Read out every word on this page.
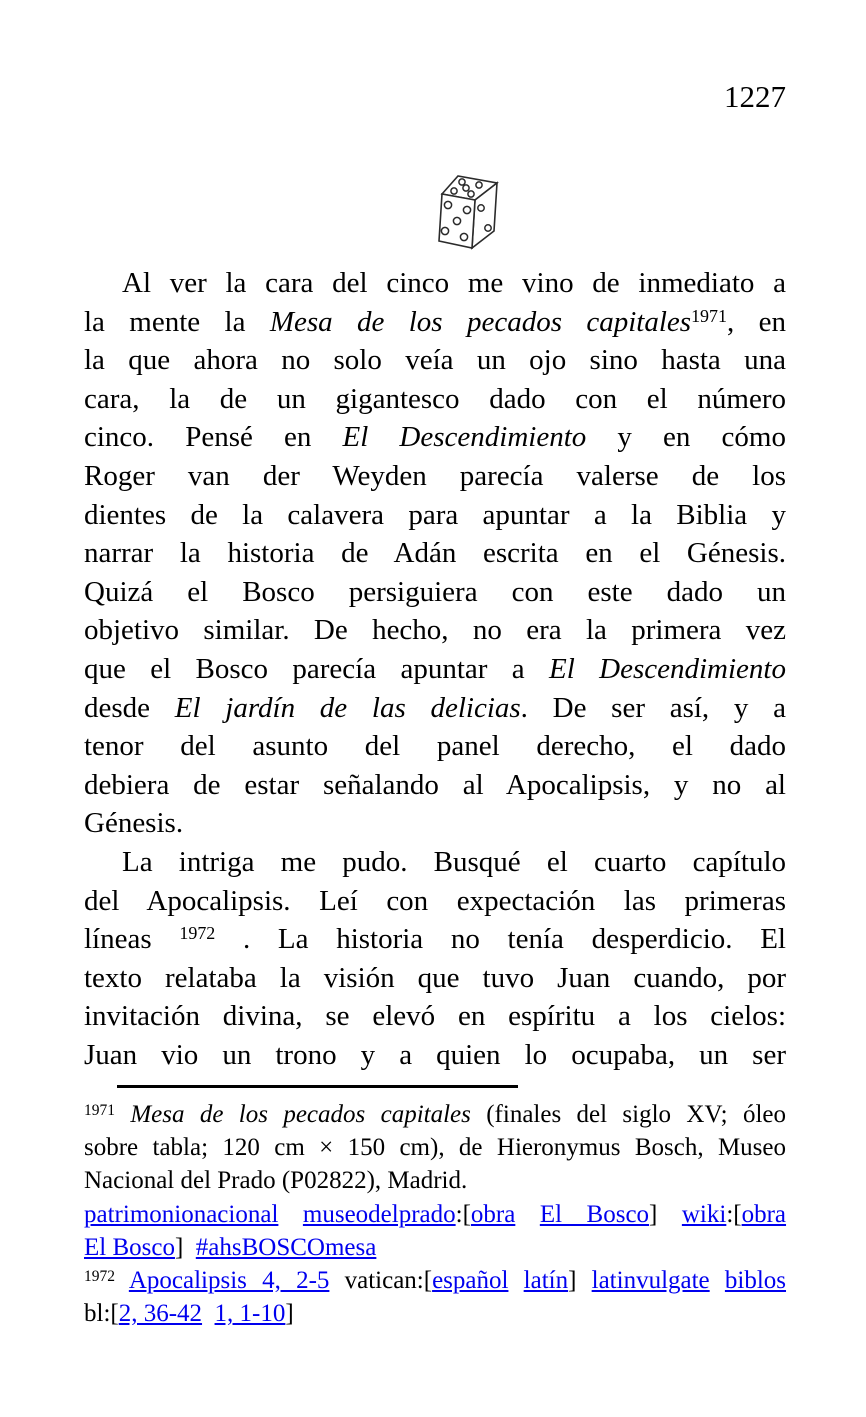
1227
Al ver la cara del cinco me vino de inmediato a
la mente la Mesa de los pecados capitales$^{1971}$, en
la que ahora no solo veía un ojo sino hasta una
cara, la de un gigantesco dado con el número
cinco. Pensé en El Descendimiento y en cómo
Roger van der Weyden parecía valerse de los
dientes de la calavera para apuntar a la Biblia y
narrar la historia de Adán escrita en el Génesis.
Quizá el Bosco persiguiera con este dado un
objetivo similar. De hecho, no era la primera vez
que el Bosco parecía apuntar a El Descendimiento
desde El jardín de las delicias. De ser así, y a
tenor del asunto del panel derecho, el dado
debiera de estar señalando al Apocalipsis, y no al
Génesis.
La intriga me pudo. Busqué el cuarto capítulo
del Apocalipsis. Leí con expectación las primeras
líneas $^{1972}$ . La historia no tenía desperdicio. El
texto relataba la visión que tuvo Juan cuando, por
invitación divina, se elevó en espíritu a los cielos:
Juan vio un trono y a quien lo ocupaba, un ser
$^{1971}$ Mesa de los pecados capitales (finales del siglo XV; óleo
sobre tabla; 120 cm × 150 cm), de Hieronymus Bosch, Museo
Nacional del Prado (P02822), Madrid.
patrimonionacional museodelprado:[obra El Bosco] wiki:[obra
El Bosco]  #ahsBOSCOmesa
$^{1972}$ Apocalipsis 4, 2-5 vatican:[español latín] latinvulgate biblos
bl:[2, 36-42 1, 1-10]
